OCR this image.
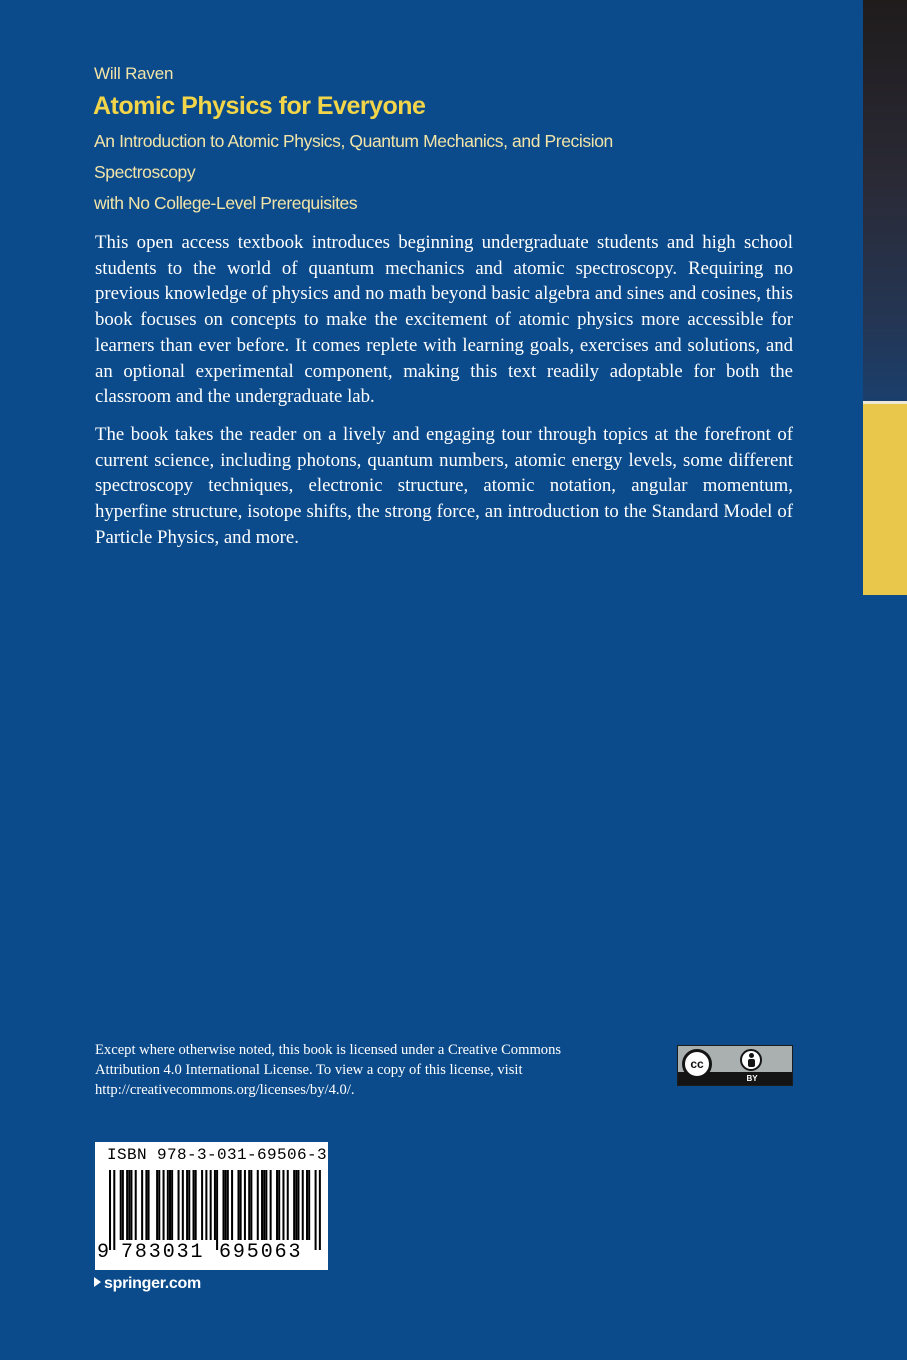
Will Raven
Atomic Physics for Everyone
An Introduction to Atomic Physics, Quantum Mechanics, and Precision Spectroscopy
with No College-Level Prerequisites

This open access textbook introduces beginning undergraduate students and high school students to the world of quantum mechanics and atomic spectroscopy. Requiring no previous knowledge of physics and no math beyond basic algebra and sines and cosines, this book focuses on concepts to make the excitement of atomic physics more accessible for learners than ever before. It comes replete with learning goals, exercises and solutions, and an optional experimental component, making this text readily adoptable for both the classroom and the undergraduate lab.

The book takes the reader on a lively and engaging tour through topics at the forefront of current science, including photons, quantum numbers, atomic energy levels, some different spectroscopy techniques, electronic structure, atomic notation, angular momentum, hyperfine structure, isotope shifts, the strong force, an introduction to the Standard Model of Particle Physics, and more.

Except where otherwise noted, this book is licensed under a Creative Commons Attribution 4.0 International License. To view a copy of this license, visit http://creativecommons.org/licenses/by/4.0/.
cc
BY
ISBN 978-3-031-69506-3
9 783031 695063
springer.com
